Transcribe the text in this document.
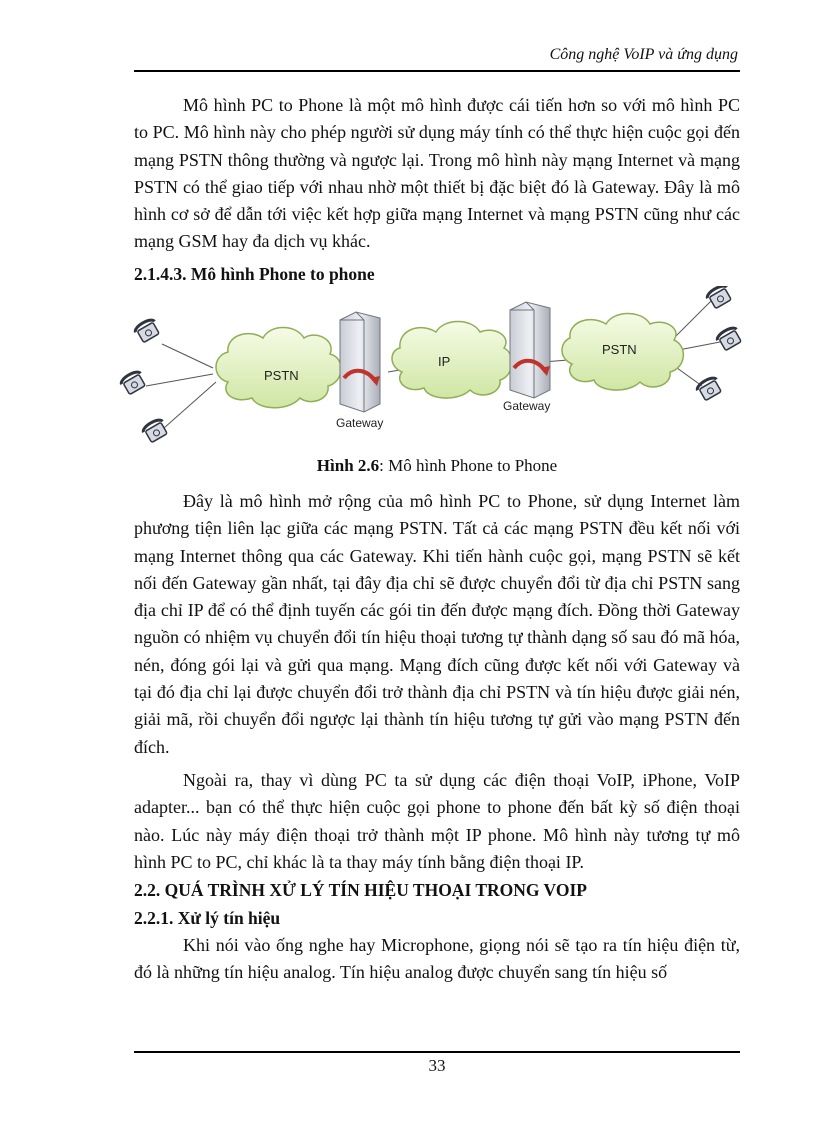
Công nghệ VoIP và ứng dụng

Mô hình PC to Phone là một mô hình được cái tiến hơn so với mô hình PC to PC. Mô hình này cho phép người sử dụng máy tính có thể thực hiện cuộc gọi đến mạng PSTN thông thường và ngược lại. Trong mô hình này mạng Internet và mạng PSTN có thể giao tiếp với nhau nhờ một thiết bị đặc biệt đó là Gateway. Đây là mô hình cơ sở để dẫn tới việc kết hợp giữa mạng Internet và mạng PSTN cũng như các mạng GSM hay đa dịch vụ khác.

2.1.4.3. Mô hình Phone to phone
PSTN
Gateway
IP
Gateway
PSTN
Hình 2.6: Mô hình Phone to Phone

Đây là mô hình mở rộng của mô hình PC to Phone, sử dụng Internet làm phương tiện liên lạc giữa các mạng PSTN. Tất cả các mạng PSTN đều kết nối với mạng Internet thông qua các Gateway. Khi tiến hành cuộc gọi, mạng PSTN sẽ kết nối đến Gateway gần nhất, tại đây địa chỉ sẽ được chuyển đổi từ địa chỉ PSTN sang địa chỉ IP để có thể định tuyến các gói tin đến được mạng đích. Đồng thời Gateway nguồn có nhiệm vụ chuyển đổi tín hiệu thoại tương tự thành dạng số sau đó mã hóa, nén, đóng gói lại và gửi qua mạng. Mạng đích cũng được kết nối với Gateway và tại đó địa chỉ lại được chuyển đổi trở thành địa chỉ PSTN và tín hiệu được giải nén, giải mã, rồi chuyển đổi ngược lại thành tín hiệu tương tự gửi vào mạng PSTN đến đích.

Ngoài ra, thay vì dùng PC ta sử dụng các điện thoại VoIP, iPhone, VoIP adapter... bạn có thể thực hiện cuộc gọi phone to phone đến bất kỳ số điện thoại nào. Lúc này máy điện thoại trở thành một IP phone. Mô hình này tương tự mô hình PC to PC, chỉ khác là ta thay máy tính bằng điện thoại IP.

2.2. QUÁ TRÌNH XỬ LÝ TÍN HIỆU THOẠI TRONG VOIP
2.2.1. Xử lý tín hiệu

Khi nói vào ống nghe hay Microphone, giọng nói sẽ tạo ra tín hiệu điện từ, đó là những tín hiệu analog. Tín hiệu analog được chuyển sang tín hiệu số

33
